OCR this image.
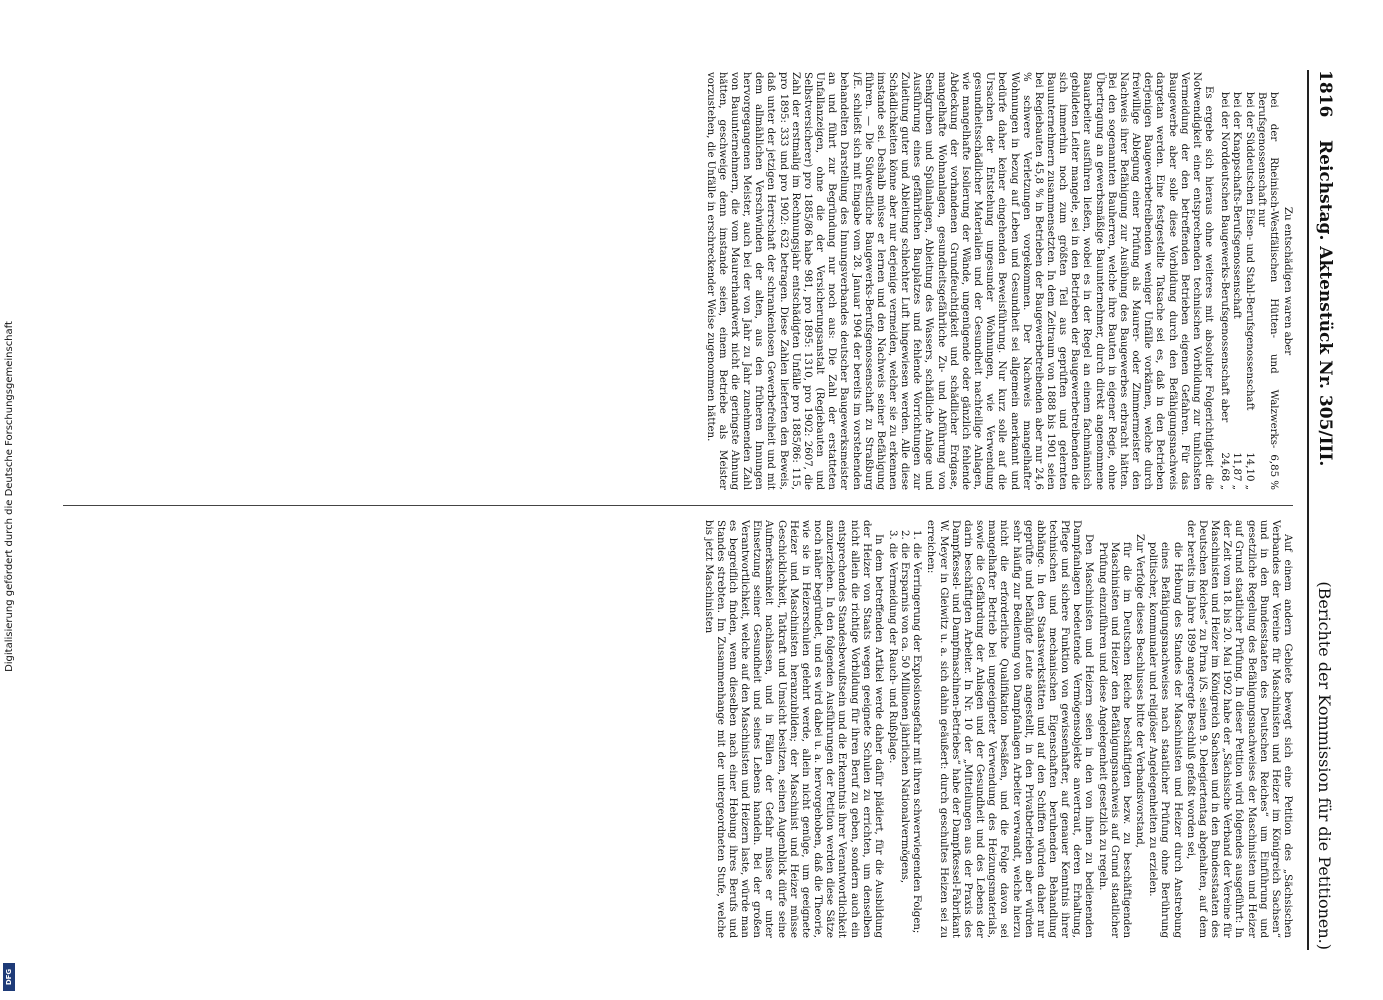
1816
Reichstag. Aktenstück Nr. 305/III.
(Berichte der Kommission für die Petitionen.)

Zu entschädigen waren aber

bei der Rheinisch-Westfälischen Hütten- und Walzwerks-Berufsgenossenschaft nur
6,85 %
bei der Süddeutschen Eisen- und Stahl-Berufsgenossenschaft
14,10 „
bei der Knappschafts-Berufsgenossenschaft
11,87 „
bei der Norddeutschen Baugewerks-Berufsgenossenschaft aber
24,68 „

Es ergebe sich hieraus ohne weiteres mit absoluter Folgerichtigkeit die Notwendigkeit einer entsprechenden technischen Vorbildung zur tunlichsten Vermeidung der den betreffenden Betrieben eigenen Gefahren. Für das Baugewerbe aber solle diese Vorbildung durch den Befähigungsnachweis dargetan werden. Eine festgestellte Tatsache sei es, daß in den Betrieben derjenigen Baugewerbetreibenden weniger Unfälle vorkämen, welche durch freiwillige Ablegung einer Prüfung als Maurer- oder Zimmermeister den Nachweis ihrer Befähigung zur Ausübung des Baugewerbes erbracht hätten. Bei den sogenannten Bauherren, welche ihre Bauten in eigener Regie, ohne Übertragung an gewerbsmäßige Bauunternehmer, durch direkt angenommene Bauarbeiter ausführen ließen, wobei es in der Regel an einem fachmännisch gebildeten Leiter mangele, sei in den Betrieben der Baugewerbetreibenden die sich immerhin noch zum größten Teil aus geprüften und gelernten Bauunternehmern zusammensetzten. In dem Zeitraum von 1888 bis 1901 seien bei Regiebauten 45,8 % in Betrieben der Baugewerbetreibenden aber nur 24,6 % schwere Verletzungen vorgekommen. Der Nachweis mangelhafter Wohnungen in bezug auf Leben und Gesundheit sei allgemein anerkannt und bedürfe daher keiner eingehenden Beweisführung. Nur kurz solle auf die Ursachen der Entstehung ungesunder Wohnungen, wie Verwendung gesundheitsschädlicher Materialien und der Gesundheit nachteilige Anlagen, wie mangelhafte Isolierung der Wände, ungenügende oder gänzlich fehlende Abdeckung der vorhandenen Grundfeuchtigkeit und schädlicher Erdgase, mangelhafte Wohnanlagen, gesundheitsgefährliche Zu- und Abführung von Senkgruben und Spülanlagen, Ableitung des Wassers, schädliche Anlage und Ausführung eines gefährlichen Bauplatzes und fehlende Vorrichtungen zur Zuleitung guter und Ableitung schlechter Luft hingewiesen werden. Alle diese Schädlichkeiten könne aber nur derjenige vermeiden, welcher sie zu erkennen imstande sei. Deshalb müsse er lernen und den Nachweis seiner Befähigung führen. — Die Südwestliche Baugewerks-Berufsgenossenschaft zu Straßburg i/E. schließt sich mit Eingabe vom 28. Januar 1904 der bereits im vorstehenden behandelten Darstellung des Innungsverbandes deutscher Baugewerksmeister an und führt zur Begründung nur noch aus: Die Zahl der erstatteten Unfallanzeigen, ohne die der Versicherungsanstalt (Regiebauten und Selbstversicherer) pro 1885/86 habe 981, pro 1895: 1310, pro 1902: 2607, die Zahl der erstmalig im Rechnungsjahr entschädigten Unfälle pro 1885/86: 115, pro 1895: 333 und pro 1902: 632 betragen. Diese Zahlen lieferten den Beweis, daß unter der jetzigen Herrschaft der schrankenlosen Gewerbefreiheit und mit dem allmählichen Verschwinden der alten, aus den früheren Innungen hervorgegangenen Meister, auch bei der von Jahr zu Jahr zunehmenden Zahl von Bauunternehmern, die vom Maurerhandwerk nicht die geringste Ahnung hätten, geschweige denn imstande seien, einem Betriebe als Meister vorzustehen, die Unfälle in erschreckender Weise zugenommen hätten.

Auf einem andern Gebiete bewegt sich eine Petition des „Sächsischen Verbandes der Vereine für Maschinisten und Heizer im Königreich Sachsen“ und in den Bundesstaaten des Deutschen Reiches“ um Einführung und gesetzliche Regelung des Befähigungsnachweises der Maschinisten und Heizer auf Grund staatlicher Prüfung. In dieser Petition wird folgendes ausgeführt: In der Zeit vom 18. bis 20. Mai 1902 habe der „Sächsische Verband der Vereine für Maschinisten und Heizer im Königreich Sachsen und in den Bundesstaaten des Deutschen Reiches“ zu Pirna i/S. seinen 9. Delegiertentag abgehalten, auf dem der bereits im Jahre 1899 angeregte Beschluß gefaßt worden sei,

die Hebung des Standes der Maschinisten und Heizer durch Anstrebung eines Befähigungsnachweises nach staatlicher Prüfung ohne Berührung politischer, kommunaler und religiöser Angelegenheiten zu erzielen.

Zur Verfolge dieses Beschlusses bitte der Verbandsvorstand,

für die im Deutschen Reiche beschäftigten bezw. zu beschäftigenden Maschinisten und Heizer den Befähigungsnachweis auf Grund staatlicher Prüfung einzuführen und diese Angelegenheit gesetzlich zu regeln.

Den Maschinisten und Heizern seien in den von ihnen zu bedienenden Dampfanlagen bedeutende Vermögensobjekte anvertraut, deren Erhaltung, Pflege und sichere Funktion von gewissenhafter, auf genauer Kenntnis ihrer technischen und mechanischen Eigenschaften beruhenden Behandlung abhänge. In den Staatswerkstätten und auf den Schiffen würden daher nur geprüfte und befähigte Leute angestellt, in den Privatbetrieben aber würden sehr häufig zur Bedienung von Dampfanlagen Arbeiter verwandt, welche hierzu nicht die erforderliche Qualifikation besäßen, und die Folge davon sei mangelhafter Betrieb bei ungeeigneter Verwendung des Heizungsmaterials, sowie die Gefährdung der Anlagen und der Gesundheit und des Lebens der darin beschäftigten Arbeiter. In Nr. 10 der „Mitteilungen aus der Praxis des Dampfkessel- und Dampfmaschinen-Betriebes“ habe der Dampfkessel-Fabrikant W. Meyer in Gleiwitz u. a. sich dahin geäußert: durch geschultes Heizen sei zu erreichen:

1. die Verringerung der Explosionsgefahr mit ihren schwerwiegenden Folgen;
2. die Ersparnis von ca. 50 Millionen jährlichen Nationalvermögens,
3. die Vermeidung der Rauch- und Rußplage.

In dem betreffenden Artikel werde daher dafür plädiert, für die Ausbildung der Heizer von Staats wegen geeignete Schulen zu errichten, um denselben nicht allein die richtige Vorbildung für ihren Beruf zu geben, sondern auch ein entsprechendes Standesbewußtsein und die Erkenntnis ihrer Verantwortlichkeit anzuerziehen. In den folgenden Ausführungen der Petition werden diese Sätze noch näher begründet, und es wird dabei u. a. hervorgehoben, daß die Theorie, wie sie in Heizerschulen gelehrt werde, allein nicht genüge, um geeignete Heizer und Maschinisten heranzubilden; der Maschinist und Heizer müsse Geschicklichkeit, Tatkraft und Umsicht besitzen, seinen Augenblick dürfe seine Aufmerksamkeit nachlassen, und in Fällen der Gefahr müsse er unter Einsetzung seiner Gesundheit und seines Lebens handeln. Bei der großen Verantwortlichkeit, welche auf den Maschinisten und Heizern laste, würde man es begreiflich finden, wenn dieselben nach einer Hebung ihres Berufs und Standes strebten. Im Zusammenhange mit der untergeordneten Stufe, welche bis jetzt Maschinisten

Digitalisierung gefördert durch die Deutsche Forschungsgemeinschaft
DFG
